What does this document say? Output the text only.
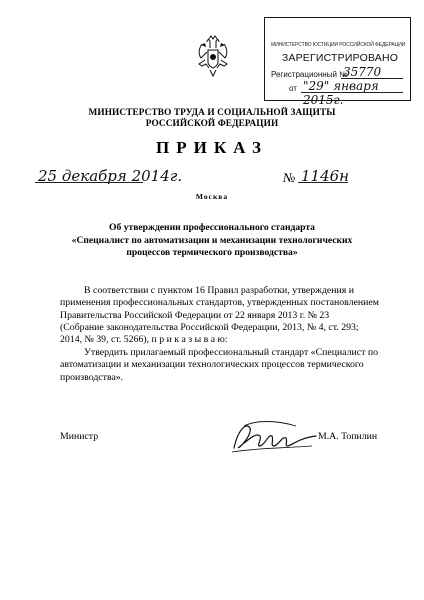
МИНИСТЕРСТВО ЮСТИЦИИ РОССИЙСКОЙ ФЕДЕРАЦИИ
ЗАРЕГИСТРИРОВАНО
Регистрационный №
35770
от "29" января 2015г.
МИНИСТЕРСТВО ТРУДА И СОЦИАЛЬНОЙ ЗАЩИТЫ
РОССИЙСКОЙ ФЕДЕРАЦИИ
ПРИКАЗ
25 декабря 2014г.	№ 1146н
Москва
Об утверждении профессионального стандарта
«Специалист по автоматизации и механизации технологических
процессов термического производства»
В соответствии с пунктом 16 Правил разработки, утверждения и
применения профессиональных стандартов, утвержденных постановлением
Правительства Российской Федерации от 22 января 2013 г. № 23
(Собрание законодательства Российской Федерации, 2013, № 4, ст. 293;
2014, № 39, ст. 5266), п р и к а з ы в а ю:
Утвердить прилагаемый профессиональный стандарт «Специалист по
автоматизации и механизации технологических процессов термического
производства».
Министр	М.А. Топилин
